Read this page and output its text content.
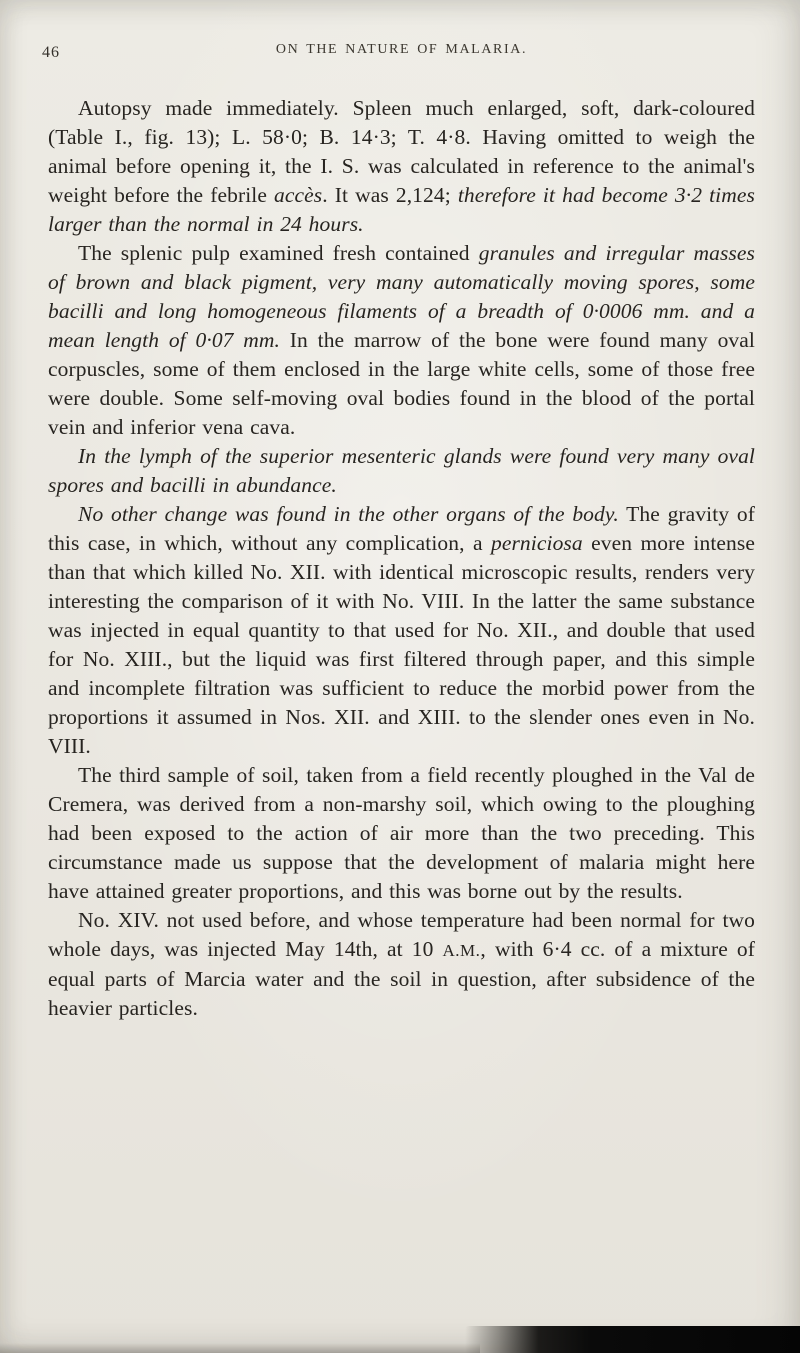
46	ON THE NATURE OF MALARIA.

Autopsy made immediately. Spleen much enlarged, soft, dark-coloured (Table I., fig. 13); L. 58·0; B. 14·3; T. 4·8. Having omitted to weigh the animal before opening it, the I. S. was calculated in reference to the animal's weight before the febrile accès. It was 2,124; therefore it had become 3·2 times larger than the normal in 24 hours.

The splenic pulp examined fresh contained granules and irregular masses of brown and black pigment, very many automatically moving spores, some bacilli and long homogeneous filaments of a breadth of 0·0006 mm. and a mean length of 0·07 mm. In the marrow of the bone were found many oval corpuscles, some of them enclosed in the large white cells, some of those free were double. Some self-moving oval bodies found in the blood of the portal vein and inferior vena cava.

In the lymph of the superior mesenteric glands were found very many oval spores and bacilli in abundance.

No other change was found in the other organs of the body. The gravity of this case, in which, without any complication, a perniciosa even more intense than that which killed No. XII. with identical microscopic results, renders very interesting the comparison of it with No. VIII. In the latter the same substance was injected in equal quantity to that used for No. XII., and double that used for No. XIII., but the liquid was first filtered through paper, and this simple and incomplete filtration was sufficient to reduce the morbid power from the proportions it assumed in Nos. XII. and XIII. to the slender ones even in No. VIII.

The third sample of soil, taken from a field recently ploughed in the Val de Cremera, was derived from a non-marshy soil, which owing to the ploughing had been exposed to the action of air more than the two preceding. This circumstance made us suppose that the development of malaria might here have attained greater proportions, and this was borne out by the results.

No. XIV. not used before, and whose temperature had been normal for two whole days, was injected May 14th, at 10 A.M., with 6·4 cc. of a mixture of equal parts of Marcia water and the soil in question, after subsidence of the heavier particles.
